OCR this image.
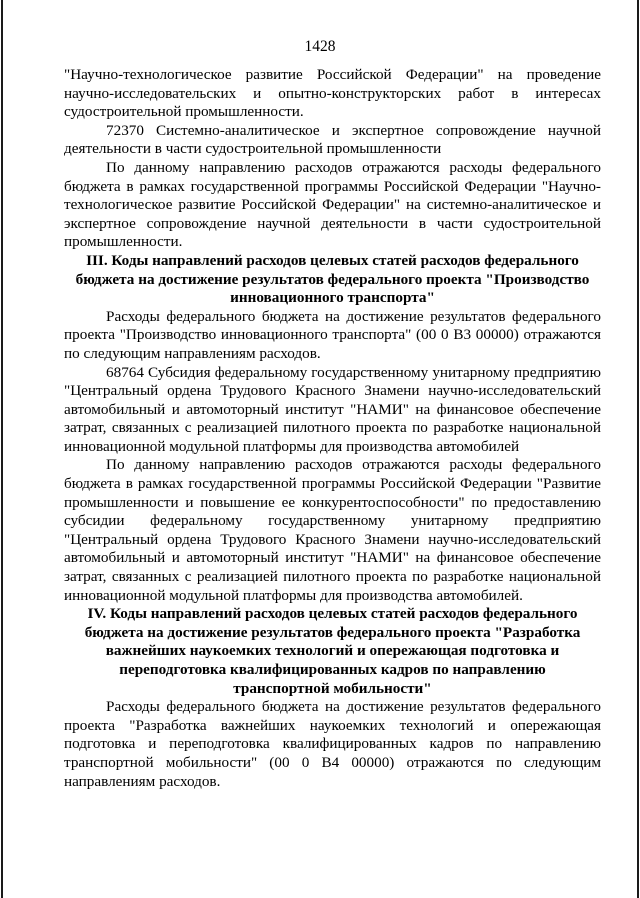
1428

"Научно-технологическое развитие Российской Федерации" на проведение научно-исследовательских и опытно-конструкторских работ в интересах судостроительной промышленности.

72370 Системно-аналитическое и экспертное сопровождение научной деятельности в части судостроительной промышленности

По данному направлению расходов отражаются расходы федерального бюджета в рамках государственной программы Российской Федерации "Научно-технологическое развитие Российской Федерации" на системно-аналитическое и экспертное сопровождение научной деятельности в части судостроительной промышленности.

III. Коды направлений расходов целевых статей расходов федерального бюджета на достижение результатов федерального проекта "Производство инновационного транспорта"

Расходы федерального бюджета на достижение результатов федерального проекта "Производство инновационного транспорта" (00 0 В3 00000) отражаются по следующим направлениям расходов.

68764 Субсидия федеральному государственному унитарному предприятию "Центральный ордена Трудового Красного Знамени научно-исследовательский автомобильный и автомоторный институт "НАМИ" на финансовое обеспечение затрат, связанных с реализацией пилотного проекта по разработке национальной инновационной модульной платформы для производства автомобилей

По данному направлению расходов отражаются расходы федерального бюджета в рамках государственной программы Российской Федерации "Развитие промышленности и повышение ее конкурентоспособности" по предоставлению субсидии федеральному государственному унитарному предприятию "Центральный ордена Трудового Красного Знамени научно-исследовательский автомобильный и автомоторный институт "НАМИ" на финансовое обеспечение затрат, связанных с реализацией пилотного проекта по разработке национальной инновационной модульной платформы для производства автомобилей.

IV. Коды направлений расходов целевых статей расходов федерального бюджета на достижение результатов федерального проекта "Разработка важнейших наукоемких технологий и опережающая подготовка и переподготовка квалифицированных кадров по направлению транспортной мобильности"

Расходы федерального бюджета на достижение результатов федерального проекта "Разработка важнейших наукоемких технологий и опережающая подготовка и переподготовка квалифицированных кадров по направлению транспортной мобильности" (00 0 В4 00000) отражаются по следующим направлениям расходов.
